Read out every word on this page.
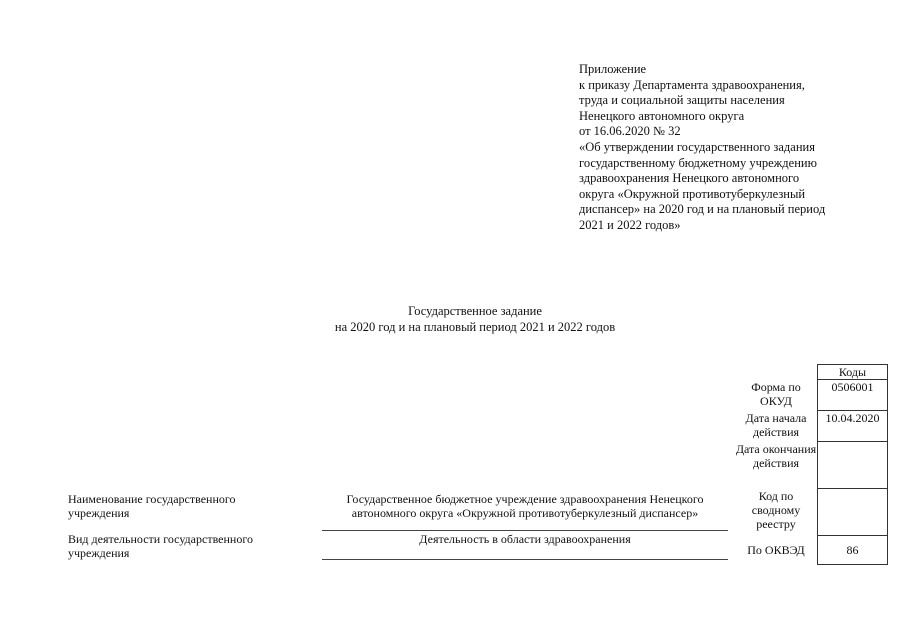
Приложение
к приказу Департамента здравоохранения,
труда и социальной защиты населения
Ненецкого автономного округа
от 16.06.2020 № 32
«Об утверждении государственного задания
государственному бюджетному учреждению
здравоохранения Ненецкого автономного
округа «Окружной противотуберкулезный
диспансер» на 2020 год и на плановый период
2021 и 2022 годов»
Государственное задание
на 2020 год и на плановый период 2021 и 2022 годов
	Коды
Форма по ОКУД	0506001
Дата начала действия	10.04.2020
Дата окончания действия	
Код по сводному реестру	
По ОКВЭД	86
Наименование государственного учреждения
Государственное бюджетное учреждение здравоохранения Ненецкого автономного округа «Окружной противотуберкулезный диспансер»
Вид деятельности государственного учреждения
Деятельность в области здравоохранения
